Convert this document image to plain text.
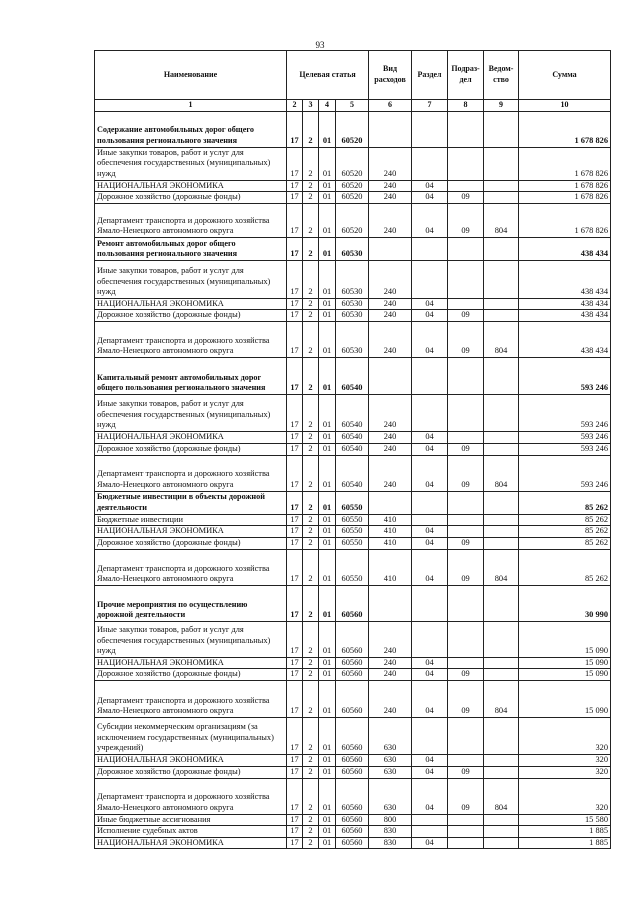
93
Наименование	Целевая статья				Вид расходов	Раздел	Подраз-дел	Ведом-ство	Сумма
1	2	3	4	5	6	7	8	9	10
Содержание автомобильных дорог общего пользования регионального значения	17	2	01	60520					1 678 826
Иные закупки товаров, работ и услуг для обеспечения государственных (муниципальных) нужд	17	2	01	60520	240				1 678 826
НАЦИОНАЛЬНАЯ ЭКОНОМИКА	17	2	01	60520	240	04			1 678 826
Дорожное хозяйство (дорожные фонды)	17	2	01	60520	240	04	09		1 678 826
Департамент транспорта и дорожного хозяйства Ямало-Ненецкого автономного округа	17	2	01	60520	240	04	09	804	1 678 826
Ремонт автомобильных дорог общего пользования регионального значения	17	2	01	60530					438 434
Иные закупки товаров, работ и услуг для обеспечения государственных (муниципальных) нужд	17	2	01	60530	240				438 434
НАЦИОНАЛЬНАЯ ЭКОНОМИКА	17	2	01	60530	240	04			438 434
Дорожное хозяйство (дорожные фонды)	17	2	01	60530	240	04	09		438 434
Департамент транспорта и дорожного хозяйства Ямало-Ненецкого автономного округа	17	2	01	60530	240	04	09	804	438 434
Капитальный ремонт автомобильных дорог общего пользования регионального значения	17	2	01	60540					593 246
Иные закупки товаров, работ и услуг для обеспечения государственных (муниципальных) нужд	17	2	01	60540	240				593 246
НАЦИОНАЛЬНАЯ ЭКОНОМИКА	17	2	01	60540	240	04			593 246
Дорожное хозяйство (дорожные фонды)	17	2	01	60540	240	04	09		593 246
Департамент транспорта и дорожного хозяйства Ямало-Ненецкого автономного округа	17	2	01	60540	240	04	09	804	593 246
Бюджетные инвестиции в объекты дорожной деятельности	17	2	01	60550					85 262
Бюджетные инвестиции	17	2	01	60550	410				85 262
НАЦИОНАЛЬНАЯ ЭКОНОМИКА	17	2	01	60550	410	04			85 262
Дорожное хозяйство (дорожные фонды)	17	2	01	60550	410	04	09		85 262
Департамент транспорта и дорожного хозяйства Ямало-Ненецкого автономного округа	17	2	01	60550	410	04	09	804	85 262
Прочие мероприятия по осуществлению дорожной деятельности	17	2	01	60560					30 990
Иные закупки товаров, работ и услуг для обеспечения государственных (муниципальных) нужд	17	2	01	60560	240				15 090
НАЦИОНАЛЬНАЯ ЭКОНОМИКА	17	2	01	60560	240	04			15 090
Дорожное хозяйство (дорожные фонды)	17	2	01	60560	240	04	09		15 090
Департамент транспорта и дорожного хозяйства Ямало-Ненецкого автономного округа	17	2	01	60560	240	04	09	804	15 090
Субсидии некоммерческим организациям (за исключением государственных (муниципальных) учреждений)	17	2	01	60560	630				320
НАЦИОНАЛЬНАЯ ЭКОНОМИКА	17	2	01	60560	630	04			320
Дорожное хозяйство (дорожные фонды)	17	2	01	60560	630	04	09		320
Департамент транспорта и дорожного хозяйства Ямало-Ненецкого автономного округа	17	2	01	60560	630	04	09	804	320
Иные бюджетные ассигнования	17	2	01	60560	800				15 580
Исполнение судебных актов	17	2	01	60560	830				1 885
НАЦИОНАЛЬНАЯ ЭКОНОМИКА	17	2	01	60560	830	04			1 885
